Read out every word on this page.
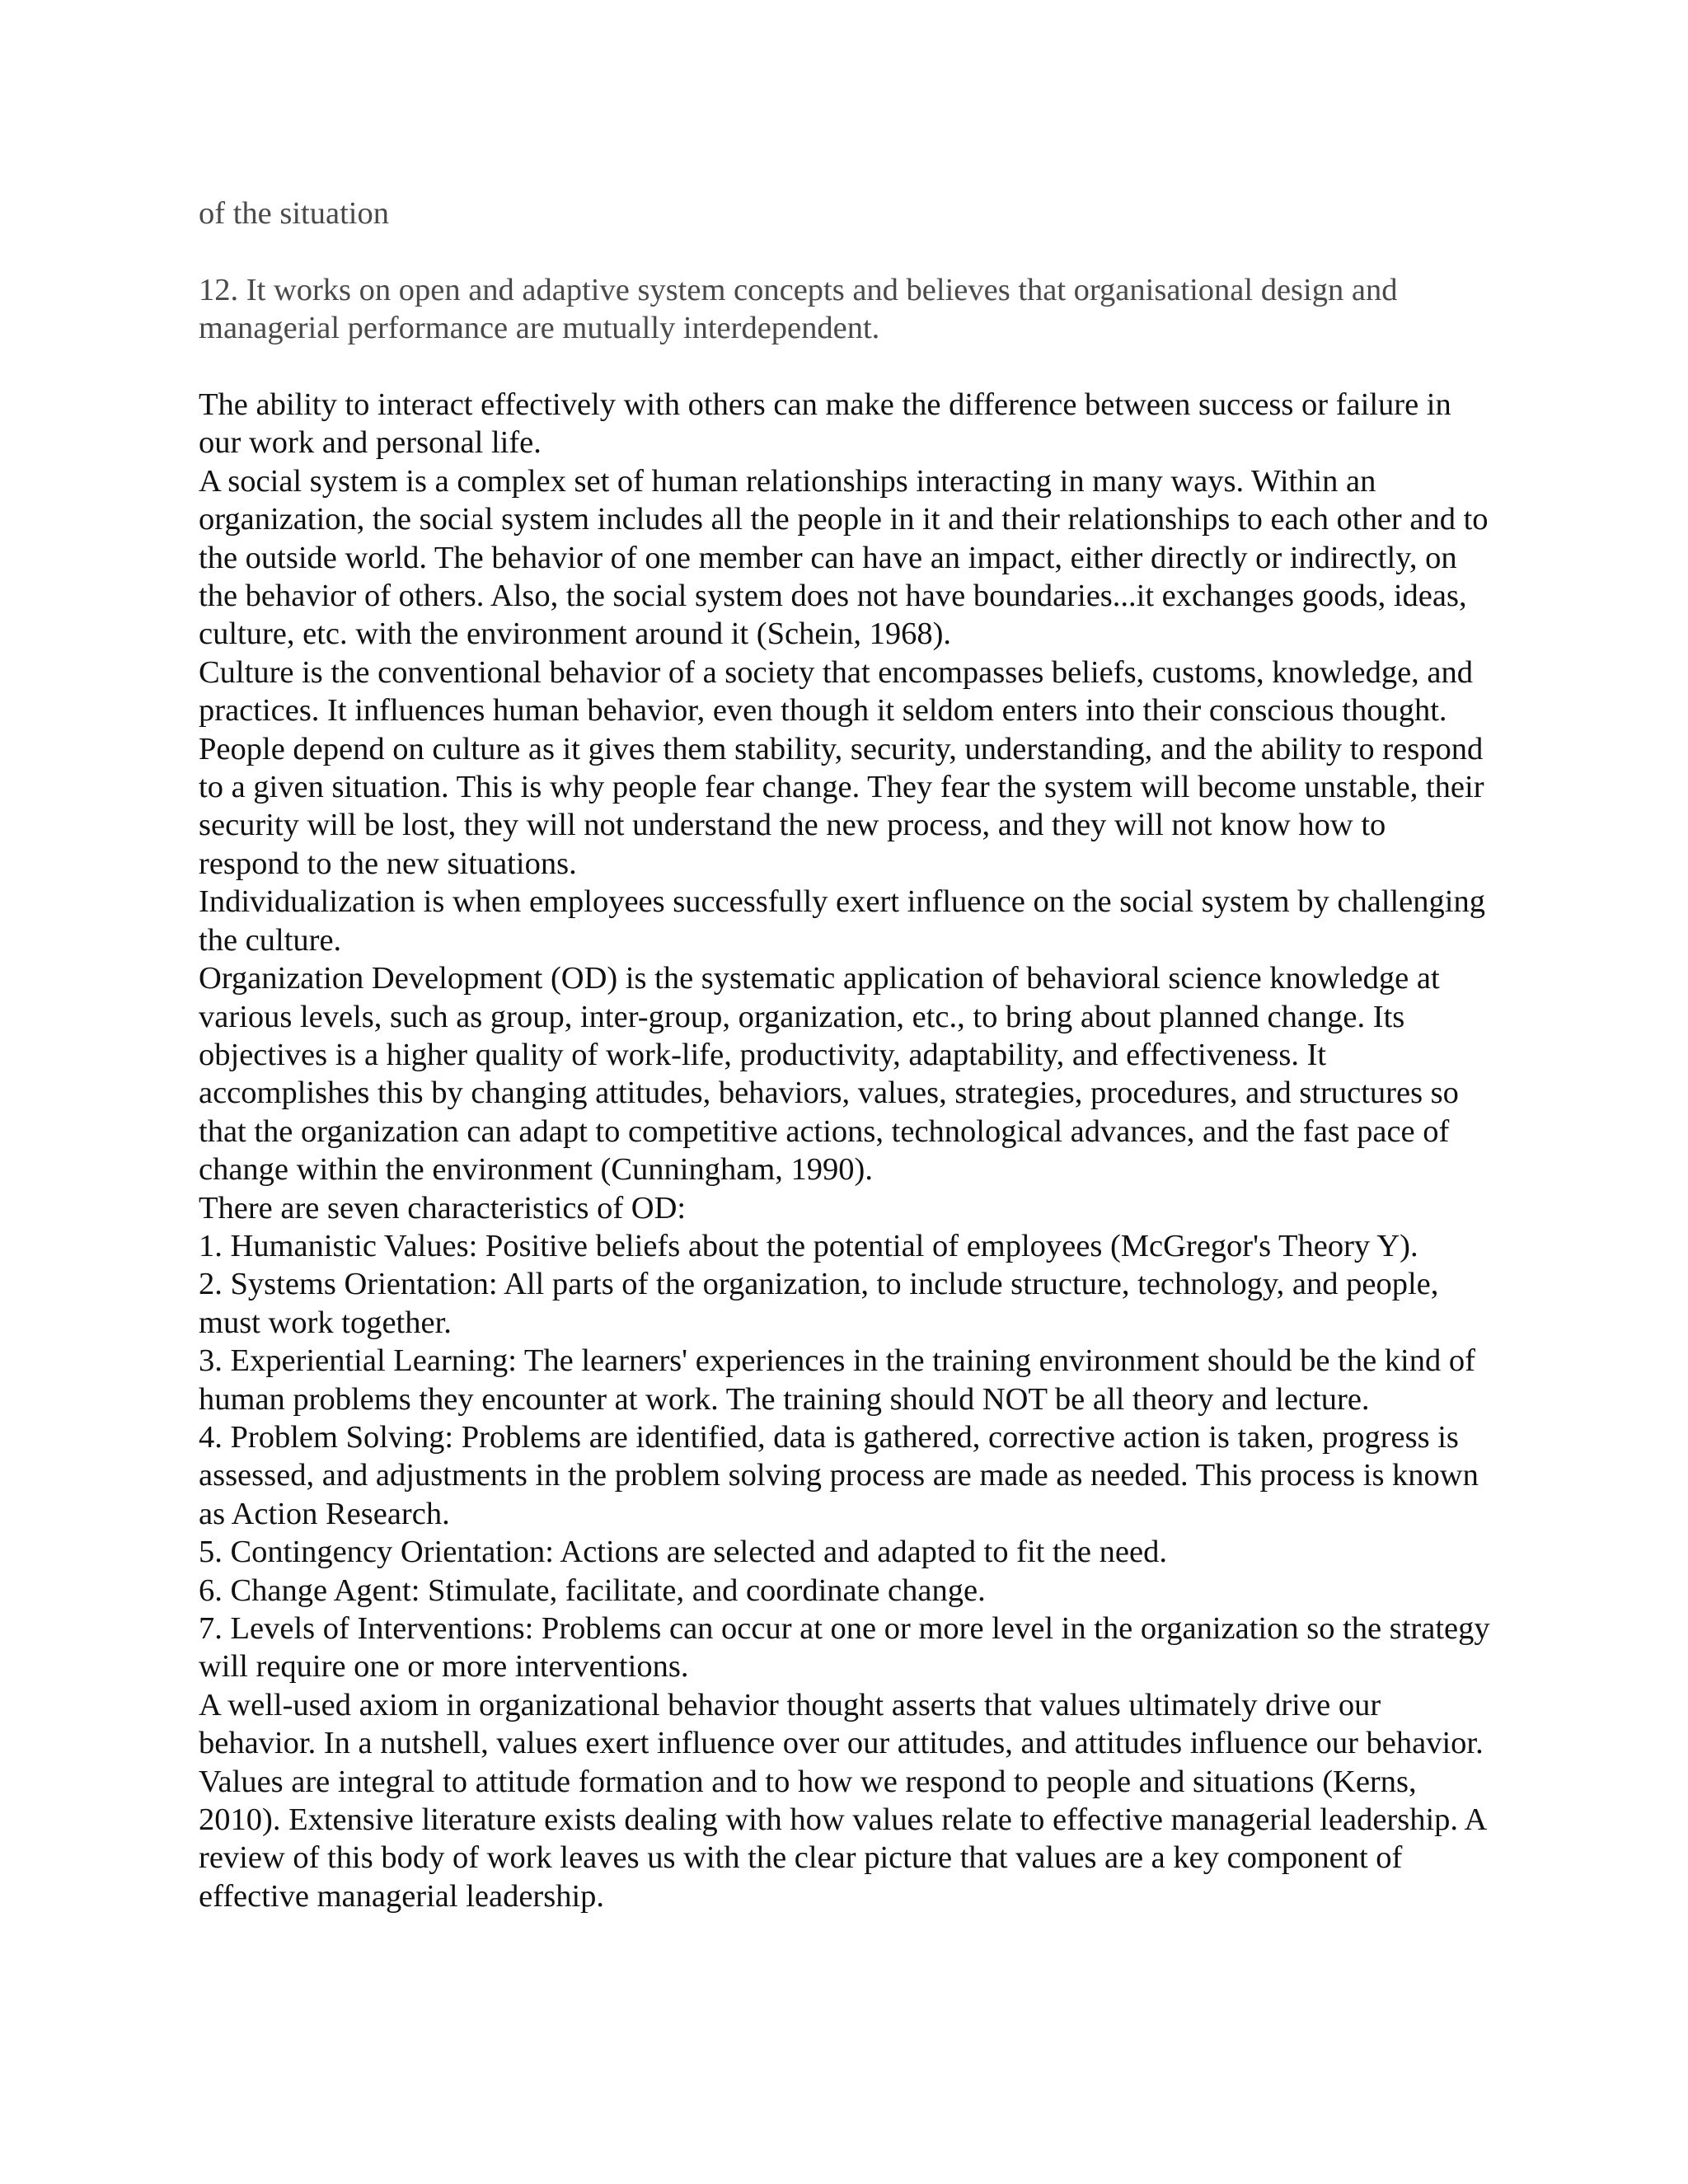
of the situation

12. It works on open and adaptive system concepts and believes that organisational design and managerial performance are mutually interdependent.

The ability to interact effectively with others can make the difference between success or failure in our work and personal life.

A social system is a complex set of human relationships interacting in many ways. Within an organization, the social system includes all the people in it and their relationships to each other and to the outside world. The behavior of one member can have an impact, either directly or indirectly, on the behavior of others. Also, the social system does not have boundaries...it exchanges goods, ideas, culture, etc. with the environment around it (Schein, 1968).

Culture is the conventional behavior of a society that encompasses beliefs, customs, knowledge, and practices. It influences human behavior, even though it seldom enters into their conscious thought. People depend on culture as it gives them stability, security, understanding, and the ability to respond to a given situation. This is why people fear change. They fear the system will become unstable, their security will be lost, they will not understand the new process, and they will not know how to respond to the new situations.

Individualization is when employees successfully exert influence on the social system by challenging the culture.

Organization Development (OD) is the systematic application of behavioral science knowledge at various levels, such as group, inter-group, organization, etc., to bring about planned change. Its objectives is a higher quality of work-life, productivity, adaptability, and effectiveness. It accomplishes this by changing attitudes, behaviors, values, strategies, procedures, and structures so that the organization can adapt to competitive actions, technological advances, and the fast pace of change within the environment (Cunningham, 1990).

There are seven characteristics of OD:

1. Humanistic Values: Positive beliefs about the potential of employees (McGregor's Theory Y).

2. Systems Orientation: All parts of the organization, to include structure, technology, and people, must work together.

3. Experiential Learning: The learners' experiences in the training environment should be the kind of human problems they encounter at work. The training should NOT be all theory and lecture.

4. Problem Solving: Problems are identified, data is gathered, corrective action is taken, progress is assessed, and adjustments in the problem solving process are made as needed. This process is known as Action Research.

5. Contingency Orientation: Actions are selected and adapted to fit the need.

6. Change Agent: Stimulate, facilitate, and coordinate change.

7. Levels of Interventions: Problems can occur at one or more level in the organization so the strategy will require one or more interventions.

A well-used axiom in organizational behavior thought asserts that values ultimately drive our behavior. In a nutshell, values exert influence over our attitudes, and attitudes influence our behavior. Values are integral to attitude formation and to how we respond to people and situations (Kerns, 2010). Extensive literature exists dealing with how values relate to effective managerial leadership. A review of this body of work leaves us with the clear picture that values are a key component of effective managerial leadership.
